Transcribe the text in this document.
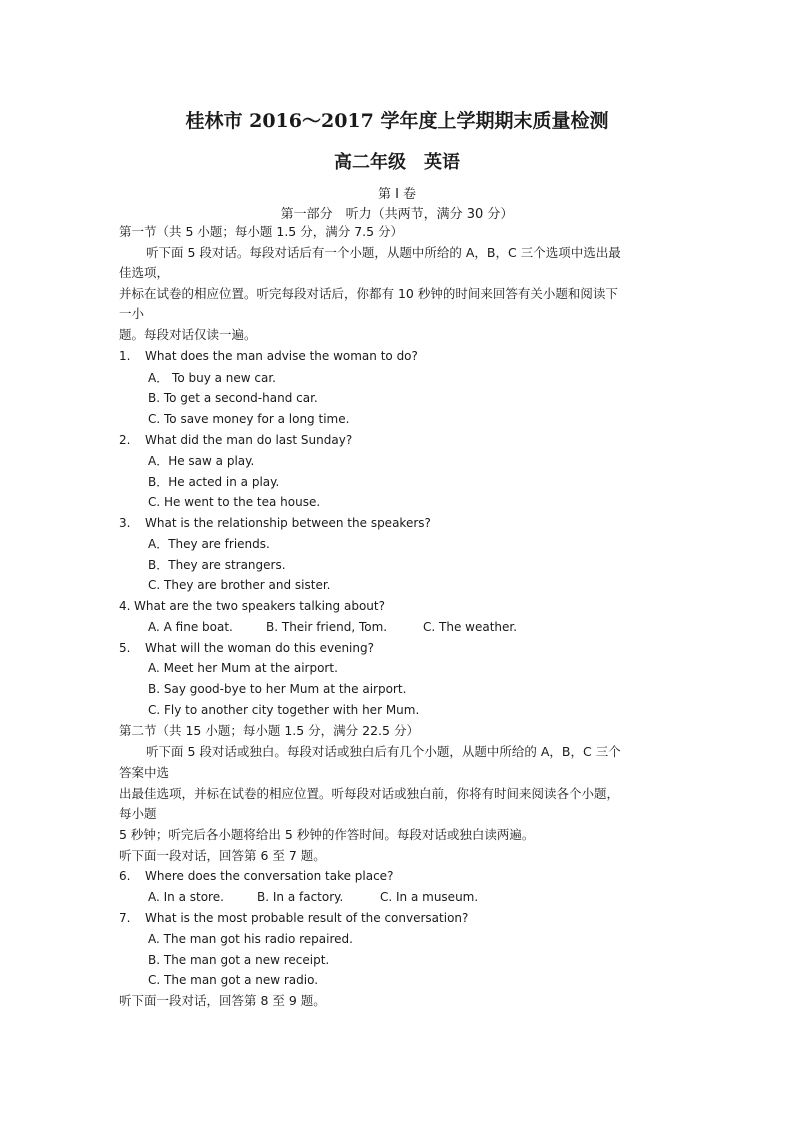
桂林市 2016～2017 学年度上学期期末质量检测
高二年级　英语
第 I 卷
第一部分　听力（共两节，满分 30 分）
第一节（共 5 小题；每小题 1.5 分，满分 7.5 分）
听下面 5 段对话。每段对话后有一个小题，从题中所给的 A，B，C 三个选项中选出最
佳选项，
并标在试卷的相应位置。听完每段对话后，你都有 10 秒钟的时间来回答有关小题和阅读下
一小
题。每段对话仅读一遍。
1. What does the man advise the woman to do?
A． To buy a new car.
B. To get a second-hand car.
C. To save money for a long time.
2. What did the man do last Sunday?
A．He saw a play.
B．He acted in a play.
C. He went to the tea house.
3. What is the relationship between the speakers?
A．They are friends.
B．They are strangers.
C. They are brother and sister.
4. What are the two speakers talking about?
A. A fine boat.	B. Their friend, Tom.	C. The weather.
5. What will the woman do this evening?
A. Meet her Mum at the airport.
B. Say good-bye to her Mum at the airport.
C. Fly to another city together with her Mum.
第二节（共 15 小题；每小题 1.5 分，满分 22.5 分）
听下面 5 段对话或独白。每段对话或独白后有几个小题，从题中所给的 A，B，C 三个
答案中选
出最佳选项，并标在试卷的相应位置。听每段对话或独白前，你将有时间来阅读各个小题，
每小题
5 秒钟；听完后各小题将给出 5 秒钟的作答时间。每段对话或独白读两遍。
听下面一段对话，回答第 6 至 7 题。
6. Where does the conversation take place?
A. In a store.	B. In a factory.	C. In a museum.
7. What is the most probable result of the conversation?
A. The man got his radio repaired.
B. The man got a new receipt.
C. The man got a new radio.
听下面一段对话，回答第 8 至 9 题。
